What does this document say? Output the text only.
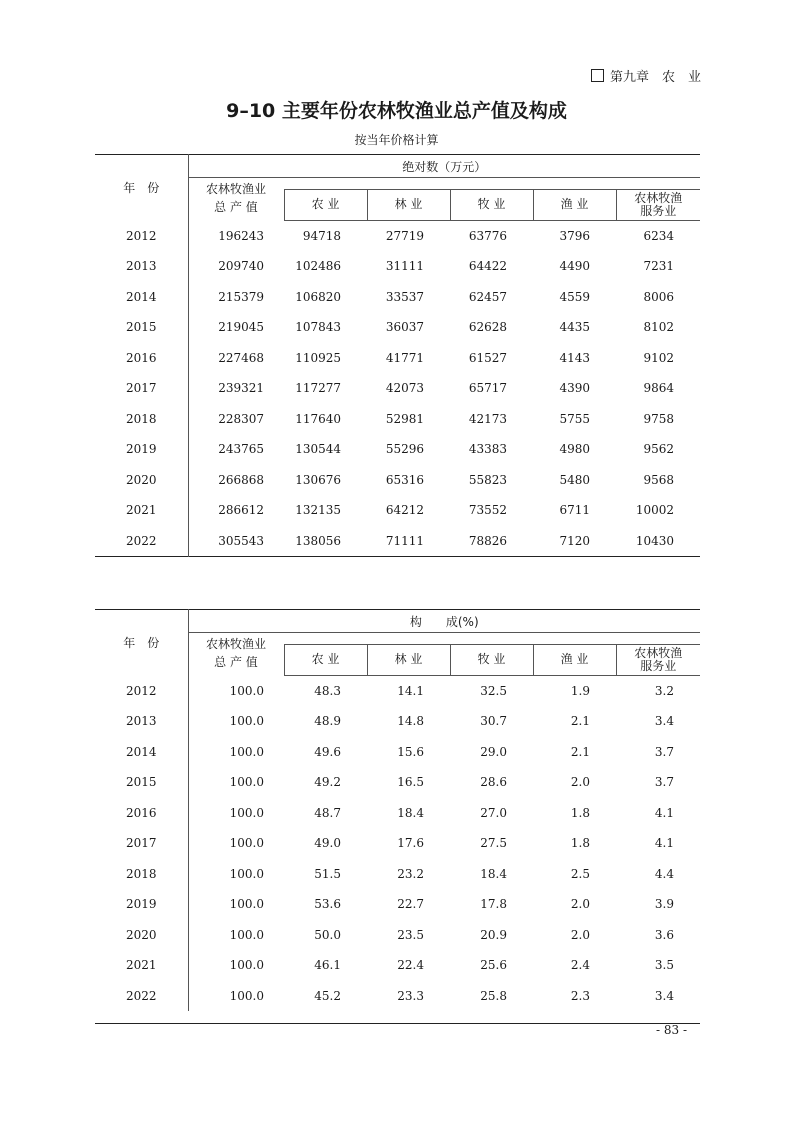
第九章　农　业
9–10 主要年份农林牧渔业总产值及构成
按当年价格计算
年　份	绝对数（万元）					

	农林牧渔业
总 产 值					

		农 业	林 业	牧 业	渔 业	农林牧渔
服务业

2012	196243	94718	27719	63776	3796	6234
2013	209740	102486	31111	64422	4490	7231
2014	215379	106820	33537	62457	4559	8006
2015	219045	107843	36037	62628	4435	8102
2016	227468	110925	41771	61527	4143	9102
2017	239321	117277	42073	65717	4390	9864
2018	228307	117640	52981	42173	5755	9758
2019	243765	130544	55296	43383	4980	9562
2020	266868	130676	65316	55823	5480	9568
2021	286612	132135	64212	73552	6711	10002
2022	305543	138056	71111	78826	7120	10430
年　份	构　　成(%)					

	农林牧渔业
总 产 值					

		农 业	林 业	牧 业	渔 业	农林牧渔
服务业

2012	100.0	48.3	14.1	32.5	1.9	3.2
2013	100.0	48.9	14.8	30.7	2.1	3.4
2014	100.0	49.6	15.6	29.0	2.1	3.7
2015	100.0	49.2	16.5	28.6	2.0	3.7
2016	100.0	48.7	18.4	27.0	1.8	4.1
2017	100.0	49.0	17.6	27.5	1.8	4.1
2018	100.0	51.5	23.2	18.4	2.5	4.4
2019	100.0	53.6	22.7	17.8	2.0	3.9
2020	100.0	50.0	23.5	20.9	2.0	3.6
2021	100.0	46.1	22.4	25.6	2.4	3.5
2022	100.0	45.2	23.3	25.8	2.3	3.4
- 83 -
